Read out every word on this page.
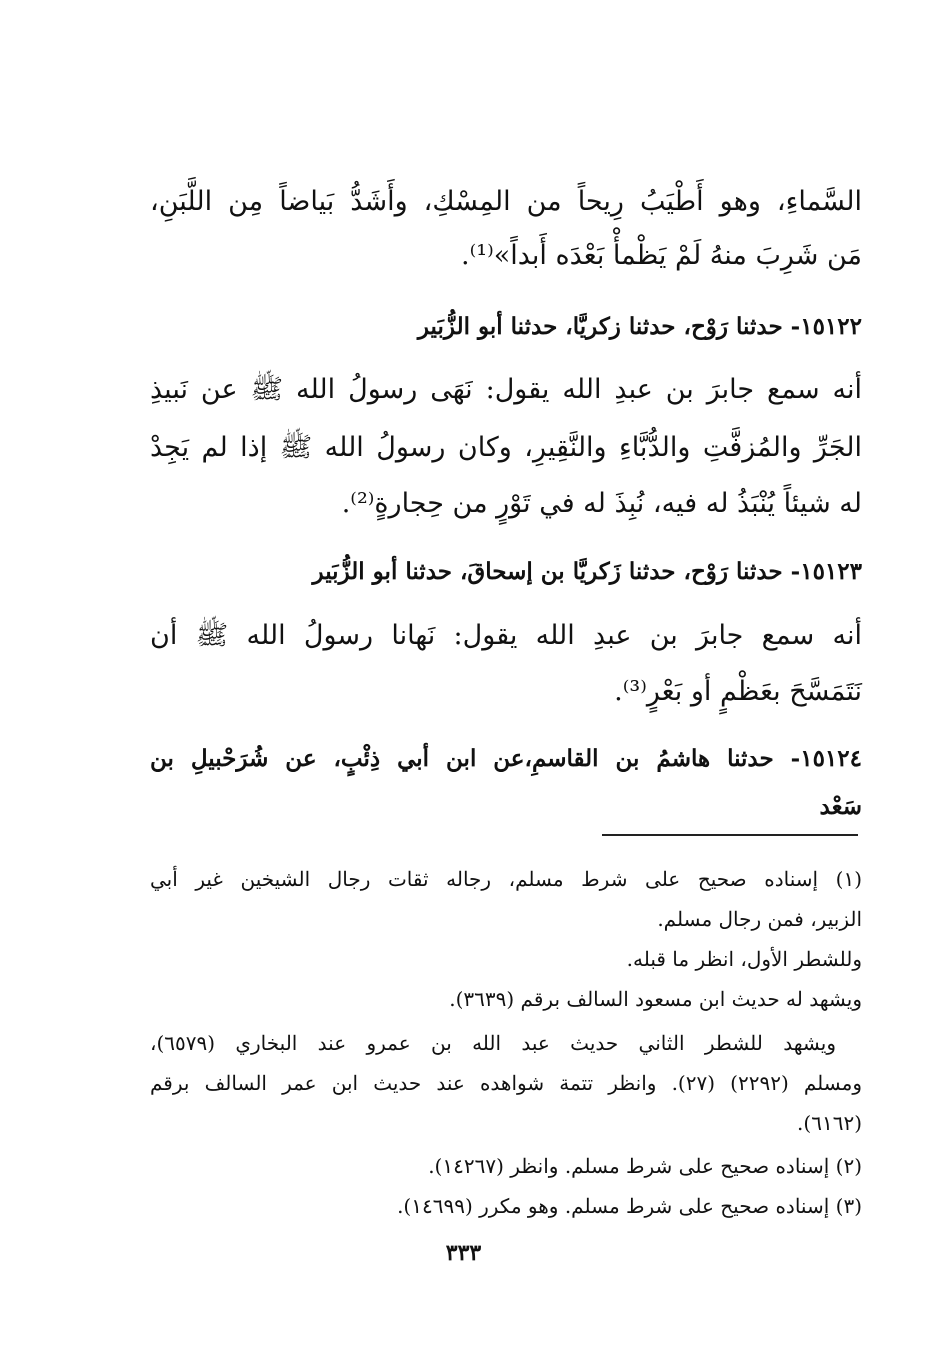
السَّماءِ، وهو أَطْيَبُ رِيحاً من المِسْكِ، وأَشَدُّ بَياضاً مِن اللَّبَنِ،
مَن شَرِبَ منهُ لَمْ يَظْمأْ بَعْدَه أَبداً»⁽¹⁾.
١٥١٢٢- حدثنا رَوْح، حدثنا زكريَّا، حدثنا أبو الزُّبَير
أنه سمع جابرَ بن عبدِ الله يقول: نَهَى رسولُ الله ﷺ عن نَبيذِ
الجَرِّ والمُزفَّتِ والدُّبَّاءِ والنَّقِيرِ، وكان رسولُ الله ﷺ إذا لم يَجِدْ
له شيئاً يُنْبَذُ له فيه، نُبِذَ له في تَوْرٍ من حِجارةٍ⁽²⁾.
١٥١٢٣- حدثنا رَوْح، حدثنا زَكريَّا بن إسحاقَ، حدثنا أبو الزُّبَير
أنه سمع جابرَ بن عبدِ الله يقول: نَهانا رسولُ الله ﷺ أن
نَتَمَسَّحَ بعَظْمٍ أو بَعْرٍ⁽³⁾.
١٥١٢٤- حدثنا هاشمُ بن القاسمِ،عن ابن أبي ذِئْبٍ، عن شُرَحْبيلِ بن
سَعْد
(١) إسناده صحيح على شرط مسلم، رجاله ثقات رجال الشيخين غير أبي
الزبير، فمن رجال مسلم.
وللشطر الأول، انظر ما قبله.
ويشهد له حديث ابن مسعود السالف برقم (٣٦٣٩).
ويشهد للشطر الثاني حديث عبد الله بن عمرو عند البخاري (٦٥٧٩)،
ومسلم (٢٢٩٢) (٢٧). وانظر تتمة شواهده عند حديث ابن عمر السالف برقم
(٦١٦٢).
(٢) إسناده صحيح على شرط مسلم. وانظر (١٤٢٦٧).
(٣) إسناده صحيح على شرط مسلم. وهو مكرر (١٤٦٩٩).
٣٣٣
